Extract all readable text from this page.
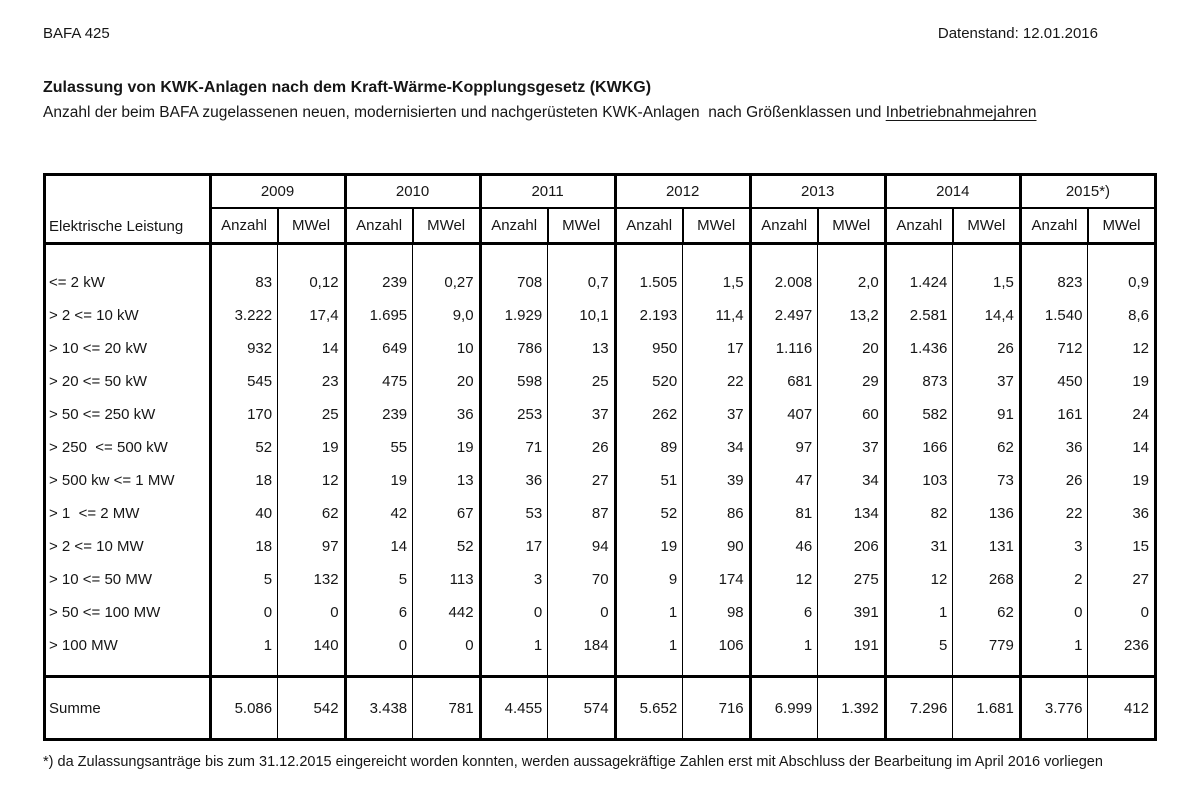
BAFA 425	Datenstand: 12.01.2016
Zulassung von KWK-Anlagen nach dem Kraft-Wärme-Kopplungsgesetz (KWKG)
Anzahl der beim BAFA zugelassenen neuen, modernisierten und nachgerüsteten KWK-Anlagen  nach Größenklassen und Inbetriebnahmejahren
Elektrische Leistung	2009		2010		2011		2012		2013		2014		2015*)	
	Anzahl	MWel	Anzahl	MWel	Anzahl	MWel	Anzahl	MWel	Anzahl	MWel	Anzahl	MWel	Anzahl	MWel

<= 2 kW	83	0,12	239	0,27	708	0,7	1.505	1,5	2.008	2,0	1.424	1,5	823	0,9
> 2 <= 10 kW	3.222	17,4	1.695	9,0	1.929	10,1	2.193	11,4	2.497	13,2	2.581	14,4	1.540	8,6
> 10 <= 20 kW	932	14	649	10	786	13	950	17	1.116	20	1.436	26	712	12
> 20 <= 50 kW	545	23	475	20	598	25	520	22	681	29	873	37	450	19
> 50 <= 250 kW	170	25	239	36	253	37	262	37	407	60	582	91	161	24
> 250  <= 500 kW	52	19	55	19	71	26	89	34	97	37	166	62	36	14
> 500 kw <= 1 MW	18	12	19	13	36	27	51	39	47	34	103	73	26	19
> 1  <= 2 MW	40	62	42	67	53	87	52	86	81	134	82	136	22	36
> 2 <= 10 MW	18	97	14	52	17	94	19	90	46	206	31	131	3	15
> 10 <= 50 MW	5	132	5	113	3	70	9	174	12	275	12	268	2	27
> 50 <= 100 MW	0	0	6	442	0	0	1	98	6	391	1	62	0	0
> 100 MW	1	140	0	0	1	184	1	106	1	191	5	779	1	236

Summe	5.086	542	3.438	781	4.455	574	5.652	716	6.999	1.392	7.296	1.681	3.776	412
*) da Zulassungsanträge bis zum 31.12.2015 eingereicht worden konnten, werden aussagekräftige Zahlen erst mit Abschluss der Bearbeitung im April 2016 vorliegen
